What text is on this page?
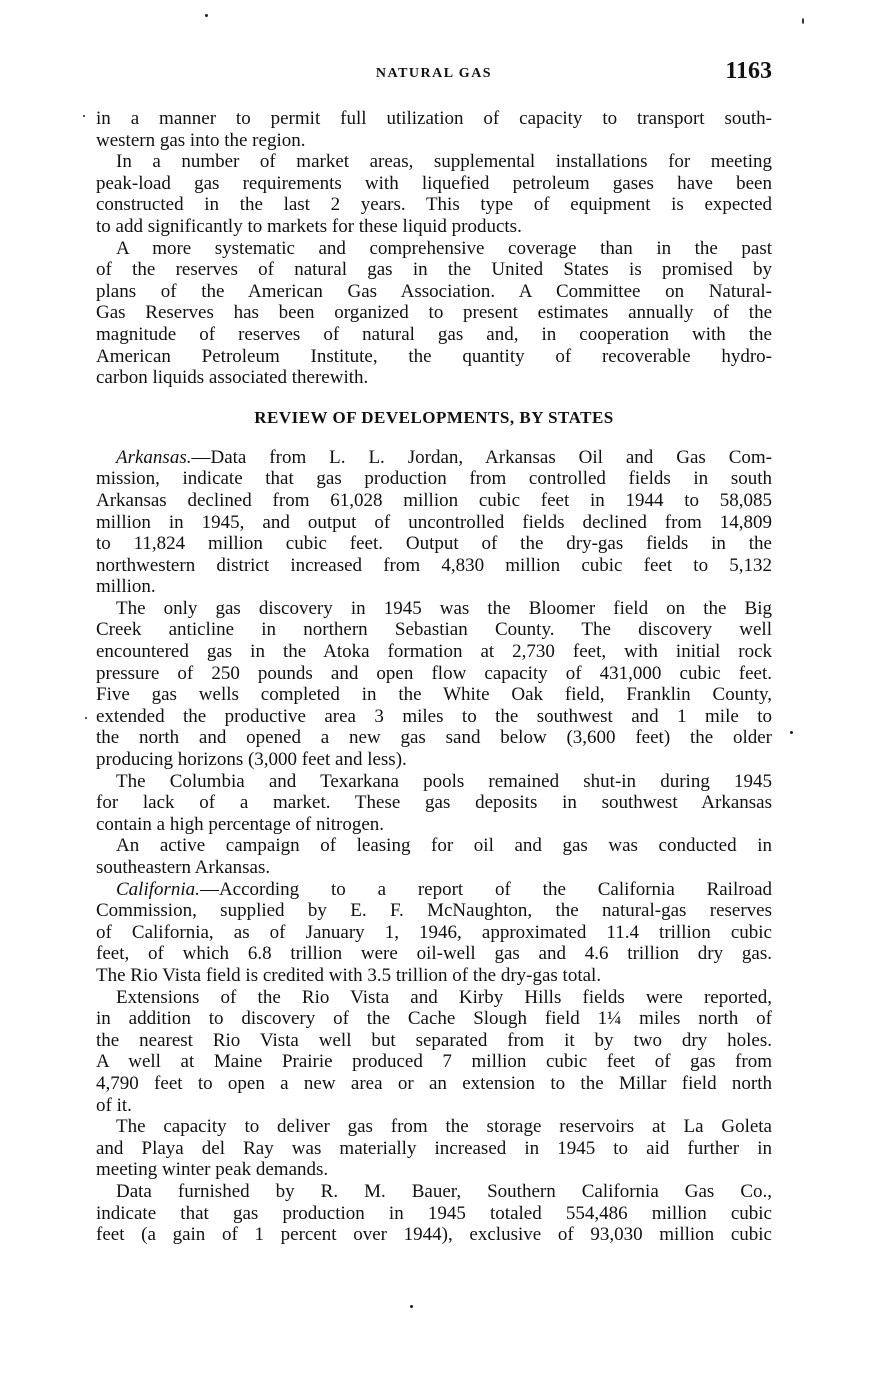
NATURAL GAS	1163
in a manner to permit full utilization of capacity to transport south-
western gas into the region.
In a number of market areas, supplemental installations for meeting
peak-load gas requirements with liquefied petroleum gases have been
constructed in the last 2 years. This type of equipment is expected
to add significantly to markets for these liquid products.
A more systematic and comprehensive coverage than in the past
of the reserves of natural gas in the United States is promised by
plans of the American Gas Association. A Committee on Natural-
Gas Reserves has been organized to present estimates annually of the
magnitude of reserves of natural gas and, in cooperation with the
American Petroleum Institute, the quantity of recoverable hydro-
carbon liquids associated therewith.
REVIEW OF DEVELOPMENTS, BY STATES
Arkansas.—Data from L. L. Jordan, Arkansas Oil and Gas Com-
mission, indicate that gas production from controlled fields in south
Arkansas declined from 61,028 million cubic feet in 1944 to 58,085
million in 1945, and output of uncontrolled fields declined from 14,809
to 11,824 million cubic feet. Output of the dry-gas fields in the
northwestern district increased from 4,830 million cubic feet to 5,132
million.
The only gas discovery in 1945 was the Bloomer field on the Big
Creek anticline in northern Sebastian County. The discovery well
encountered gas in the Atoka formation at 2,730 feet, with initial rock
pressure of 250 pounds and open flow capacity of 431,000 cubic feet.
Five gas wells completed in the White Oak field, Franklin County,
extended the productive area 3 miles to the southwest and 1 mile to
the north and opened a new gas sand below (3,600 feet) the older
producing horizons (3,000 feet and less).
The Columbia and Texarkana pools remained shut-in during 1945
for lack of a market. These gas deposits in southwest Arkansas
contain a high percentage of nitrogen.
An active campaign of leasing for oil and gas was conducted in
southeastern Arkansas.
California.—According to a report of the California Railroad
Commission, supplied by E. F. McNaughton, the natural-gas reserves
of California, as of January 1, 1946, approximated 11.4 trillion cubic
feet, of which 6.8 trillion were oil-well gas and 4.6 trillion dry gas.
The Rio Vista field is credited with 3.5 trillion of the dry-gas total.
Extensions of the Rio Vista and Kirby Hills fields were reported,
in addition to discovery of the Cache Slough field 1¼ miles north of
the nearest Rio Vista well but separated from it by two dry holes.
A well at Maine Prairie produced 7 million cubic feet of gas from
4,790 feet to open a new area or an extension to the Millar field north
of it.
The capacity to deliver gas from the storage reservoirs at La Goleta
and Playa del Ray was materially increased in 1945 to aid further in
meeting winter peak demands.
Data furnished by R. M. Bauer, Southern California Gas Co.,
indicate that gas production in 1945 totaled 554,486 million cubic
feet (a gain of 1 percent over 1944), exclusive of 93,030 million cubic
